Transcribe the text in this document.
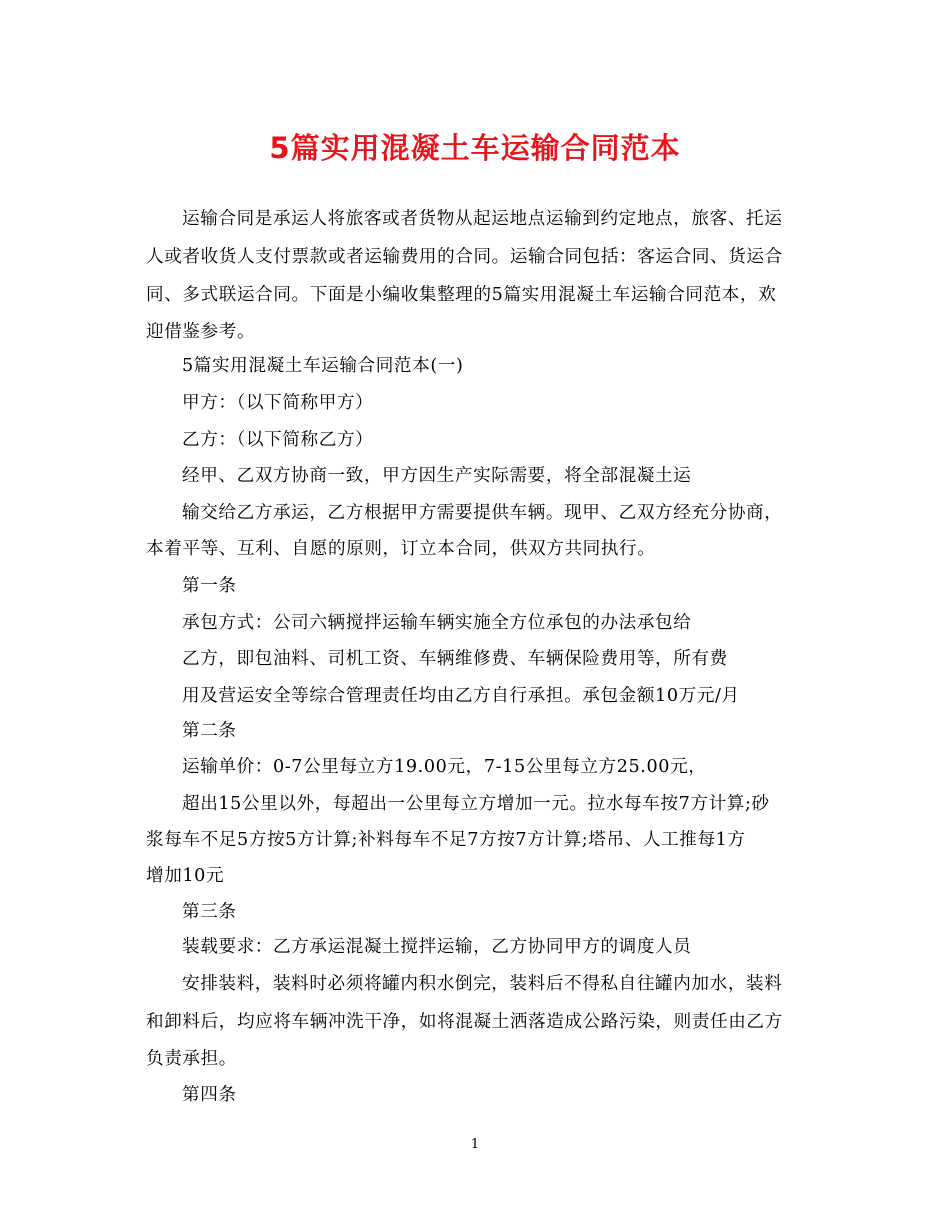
5篇实用混凝土车运输合同范本
运输合同是承运人将旅客或者货物从起运地点运输到约定地点，旅客、托运
人或者收货人支付票款或者运输费用的合同。运输合同包括：客运合同、货运合
同、多式联运合同。下面是小编收集整理的5篇实用混凝土车运输合同范本，欢
迎借鉴参考。
5篇实用混凝土车运输合同范本(一)
甲方：（以下简称甲方）
乙方：（以下简称乙方）
经甲、乙双方协商一致，甲方因生产实际需要，将全部混凝土运
输交给乙方承运，乙方根据甲方需要提供车辆。现甲、乙双方经充分协商，
本着平等、互利、自愿的原则，订立本合同，供双方共同执行。
第一条
承包方式：公司六辆搅拌运输车辆实施全方位承包的办法承包给
乙方，即包油料、司机工资、车辆维修费、车辆保险费用等，所有费
用及营运安全等综合管理责任均由乙方自行承担。承包金额10万元/月
第二条
运输单价：0-7公里每立方19.00元，7-15公里每立方25.00元，
超出15公里以外，每超出一公里每立方增加一元。拉水每车按7方计算;砂
浆每车不足5方按5方计算;补料每车不足7方按7方计算;塔吊、人工推每1方
增加10元
第三条
装载要求：乙方承运混凝土搅拌运输，乙方协同甲方的调度人员
安排装料，装料时必须将罐内积水倒完，装料后不得私自往罐内加水，装料
和卸料后，均应将车辆冲洗干净，如将混凝土洒落造成公路污染，则责任由乙方
负责承担。
第四条
1
